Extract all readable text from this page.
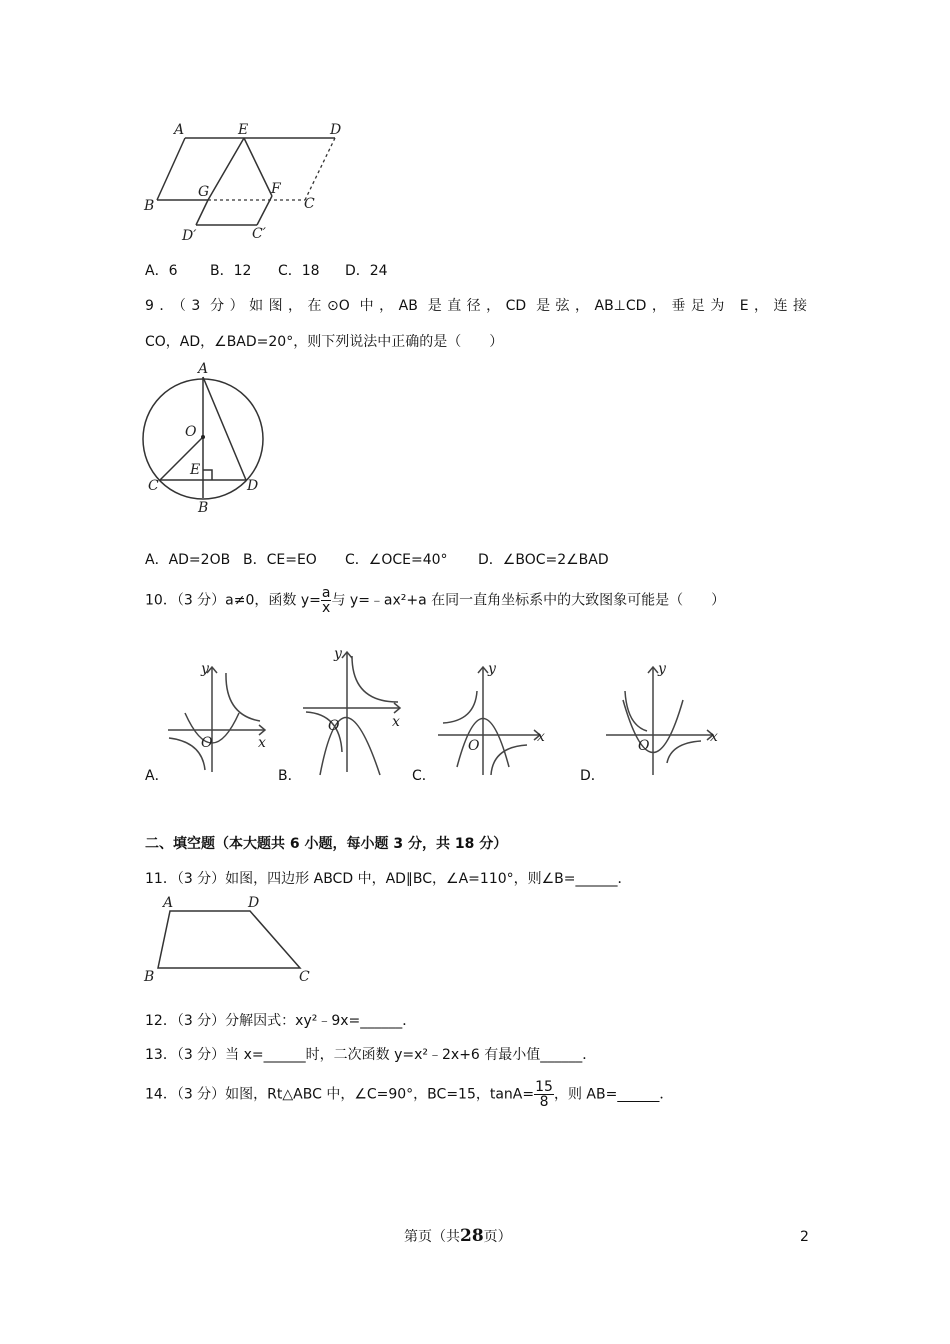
A	E	D
B
G	F
C
D′	C′
A．6 B．12 C．18 D．24
9．（3 分）如图，在⊙O 中，AB 是直径，CD 是弦，AB⊥CD，垂足为 E，连接
CO，AD，∠BAD=20°，则下列说法中正确的是（　　）
A
O
E
C	D
B
A．AD=2OB B．CE=EO C．∠OCE=40° D．∠BOC=2∠BAD
10．（3 分）a≠0，函数 $y= \frac{a}{x}$ 与 y=﹣ax²+a 在同一直角坐标系中的大致图象可能是（　　）
y
x
O
A．
y
x
O
B．
y
x
O
C．
y
x
O
D．
二、填空题（本大题共 6 小题，每小题 3 分，共 18 分）
11．（3 分）如图，四边形 ABCD 中，AD∥BC，∠A=110°，则∠B=______．
A	D
B	C
12．（3 分）分解因式：xy²﹣9x=______．
13．（3 分）当 x=______时，二次函数 y=x²﹣2x+6 有最小值______．
14．（3 分）如图，Rt△ABC 中，∠C=90°，BC=15，$\tan A= \frac{15}{8}$ ，则 AB=______．
第页（共28页）	2
